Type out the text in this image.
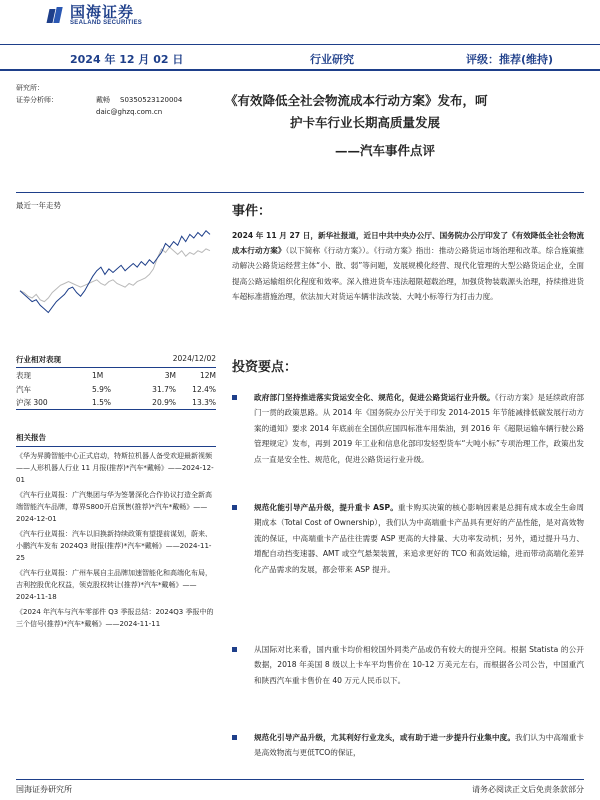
国海证券
SEALAND SECURITIES
2024 年 12 月 02 日	行业研究	评级：推荐(维持)
研究所：
证券分析师：	戴畅	S0350523120004
daic@ghzq.com.cn
《有效降低全社会物流成本行动方案》发布，呵
护卡车行业长期高质量发展
——汽车事件点评
最近一年走势
行业相对表现	2024/12/02
表现	1M	3M	12M
汽车	5.9%	31.7%	12.4%
沪深 300	1.5%	20.9%	13.3%
相关报告
《华为昇腾智能中心正式启动，特斯拉机器人备受欢迎最新视频——人形机器人行业 11 月报(推荐)*汽车*戴畅》——2024-12-01
《汽车行业周报：广汽集团与华为签署深化合作协议打造全新高端智能汽车品牌，尊界S800开启预售(推荐)*汽车*戴畅》——2024-12-01
《汽车行业周报：汽车以旧换新持续政策有望提前谋划，蔚来、小鹏汽车发布 2024Q3 财报(推荐)*汽车*戴畅》——2024-11-25
《汽车行业周报：广州车展自主品牌加速智能化和高端化布局，吉利控股优化权益，领克股权转让(推荐)*汽车*戴畅》——2024-11-18
《2024 年汽车与汽车零部件 Q3 季报总结：2024Q3 季报中的三个信号(推荐)*汽车*戴畅》——2024-11-11
事件：
2024 年 11 月 27 日，新华社报道，近日中共中央办公厅、国务院办公厅印发了《有效降低全社会物流成本行动方案》（以下简称《行动方案》）。《行动方案》指出：推动公路货运市场治理和改革。综合施策推动解决公路货运经营主体“小、散、弱”等问题，发展规模化经营、现代化管理的大型公路货运企业，全面提高公路运输组织化程度和效率。深入推进货车违法超限超载治理，加强货物装载源头治理，持续推进货车超标准措施治理，依法加大对货运车辆非法改装、大吨小标等行为打击力度。
投资要点：
政府部门坚持推进落实货运安全化、规范化，促进公路货运行业升级。《行动方案》是延续政府部门一贯的政策思路。从 2014 年《国务院办公厅关于印发 2014-2015 年节能减排低碳发展行动方案的通知》要求 2014 年底前在全国供应国四标准车用柴油，到 2016 年《超限运输车辆行驶公路管理规定》发布，再到 2019 年工业和信息化部印发轻型货车“大吨小标”专项治理工作，政策出发点一直是安全性、规范化，促进公路货运行业升级。
规范化能引导产品升级，提升重卡 ASP。重卡购买决策的核心影响因素是总拥有成本或全生命周期成本（Total Cost of Ownership），我们认为中高端重卡产品具有更好的产品性能，是对高效物流的保证，中高端重卡产品往往需要 ASP 更高的大排量、大功率发动机；另外，通过提升马力、增配自动挡变速器、AMT 或空气悬架装置，来追求更好的 TCO 和高效运输，进而带动高端化差异化产品需求的发展，都会带来 ASP 提升。
从国际对比来看，国内重卡均价相较国外同类产品或仍有较大的提升空间。根据 Statista 的公开数据，2018 年美国 8 级以上卡车平均售价在 10-12 万美元左右，而根据各公司公告，中国重汽和陕西汽车重卡售价在 40 万元人民币以下。
规范化引导产品升级，尤其利好行业龙头，或有助于进一步提升行业集中度。我们认为中高端重卡是高效物流与更低TCO的保证，
国海证券研究所	请务必阅读正文后免责条款部分
